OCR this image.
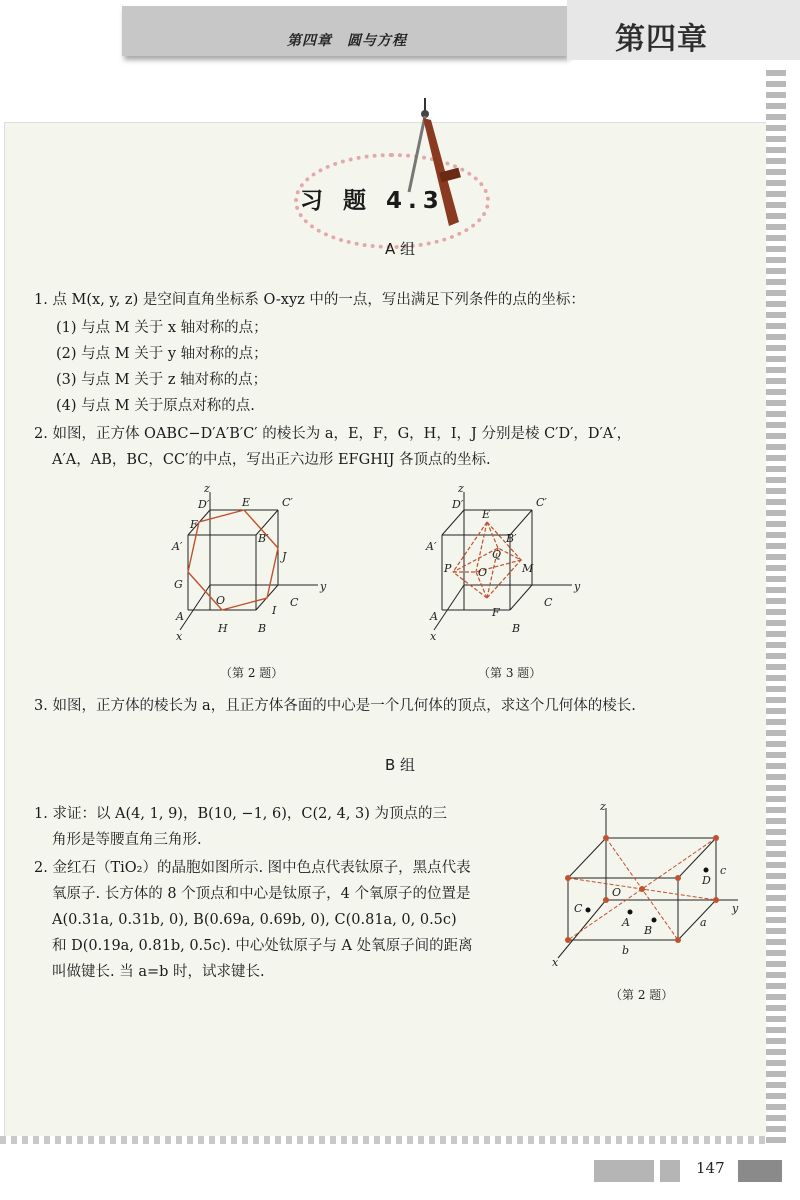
第四章　圆与方程	第四章
习 题 4.3
A 组
1. 点 M(x, y, z) 是空间直角坐标系 O-xyz 中的一点，写出满足下列条件的点的坐标：
(1) 与点 M 关于 x 轴对称的点；
(2) 与点 M 关于 y 轴对称的点；
(3) 与点 M 关于 z 轴对称的点；
(4) 与点 M 关于原点对称的点.
2. 如图，正方体 OABC−D′A′B′C′ 的棱长为 a，E，F，G，H，I，J 分别是棱 C′D′，D′A′，
A′A，AB，BC，CC′的中点，写出正六边形 EFGHIJ 各顶点的坐标.
z
y
x
D′	E	C′
F
A′
B′
J
G
O	C
I
A
H	B
（第 2 题）
z
y
x
D′	C′
E
B′
A′
P O
Q
M
F
C
A
B
（第 3 题）
3. 如图，正方体的棱长为 a，且正方体各面的中心是一个几何体的顶点，求这个几何体的棱长.
B 组
1. 求证：以 A(4, 1, 9)，B(10, −1, 6)，C(2, 4, 3) 为顶点的三
角形是等腰直角三角形.
2. 金红石（TiO₂）的晶胞如图所示. 图中色点代表钛原子，黑点代表
氧原子. 长方体的 8 个顶点和中心是钛原子，4 个氧原子的位置是
A(0.31a, 0.31b, 0), B(0.69a, 0.69b, 0), C(0.81a, 0, 0.5c)
和 D(0.19a, 0.81b, 0.5c). 中心处钛原子与 A 处氧原子间的距离
叫做键长. 当 a=b 时，试求键长.
z
y
x
O
C
A
B
D
c
a
b
（第 2 题）
147
